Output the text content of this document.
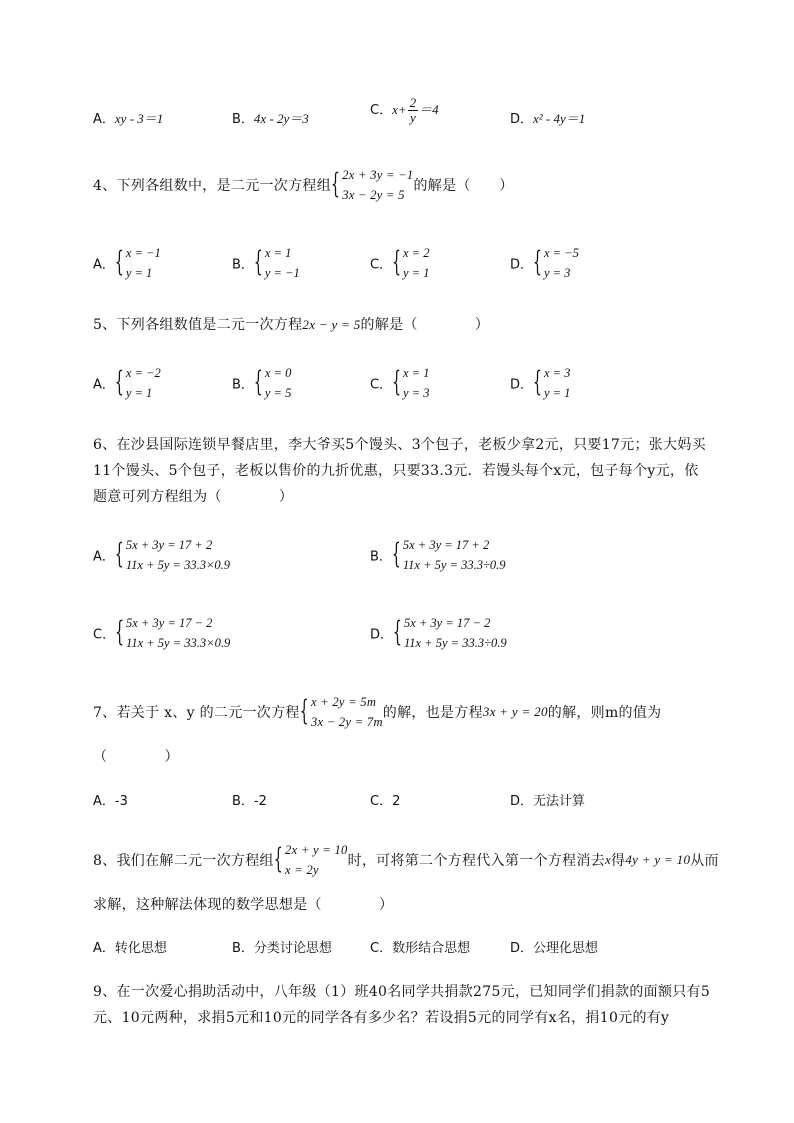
A．xy - 3＝1	B．4x - 2y＝3
C．$x+ \frac{2}{y} =4$
D．x² - 4y＝1
4、下列各组数中，是二元一次方程组 { 2x + 3y = −1
3x − 2y = 5
的解是（　　）
A． { x = −1
y = 1
B． { x = 1
y = −1
C． { x = 2
y = 1
D． { x = −5
y = 3
5、下列各组数值是二元一次方程2x − y = 5的解是（　　　　）
A． { x = −2
y = 1
B． { x = 0
y = 5
C． { x = 1
y = 3
D． { x = 3
y = 1
6、在沙县国际连锁早餐店里，李大爷买5个馒头、3个包子，老板少拿2元，只要17元；张大妈买
11个馒头、5个包子，老板以售价的九折优惠，只要33.3元．若馒头每个x元，包子每个y元，依
题意可列方程组为（　　　　）
A． { 5x + 3y = 17 + 2
11x + 5y = 33.3×0.9
B． { 5x + 3y = 17 + 2
11x + 5y = 33.3÷0.9
C． { 5x + 3y = 17 − 2
11x + 5y = 33.3×0.9
D． { 5x + 3y = 17 − 2
11x + 5y = 33.3÷0.9
7、若关于 x、y 的二元一次方程 { x + 2y = 5m
3x − 2y = 7m
的解，也是方程3x + y = 20的解，则m的值为
（　　　　）
A．-3	B．-2	C．2	D．无法计算
8、我们在解二元一次方程组 { 2x + y = 10
x = 2y
时，可将第二个方程代入第一个方程消去x得4y + y = 10从而
求解，这种解法体现的数学思想是（　　　　）
A．转化思想	B．分类讨论思想	C．数形结合思想	D．公理化思想
9、在一次爱心捐助活动中，八年级（1）班40名同学共捐款275元，已知同学们捐款的面额只有5
元、10元两种，求捐5元和10元的同学各有多少名？若设捐5元的同学有x名，捐10元的有y
